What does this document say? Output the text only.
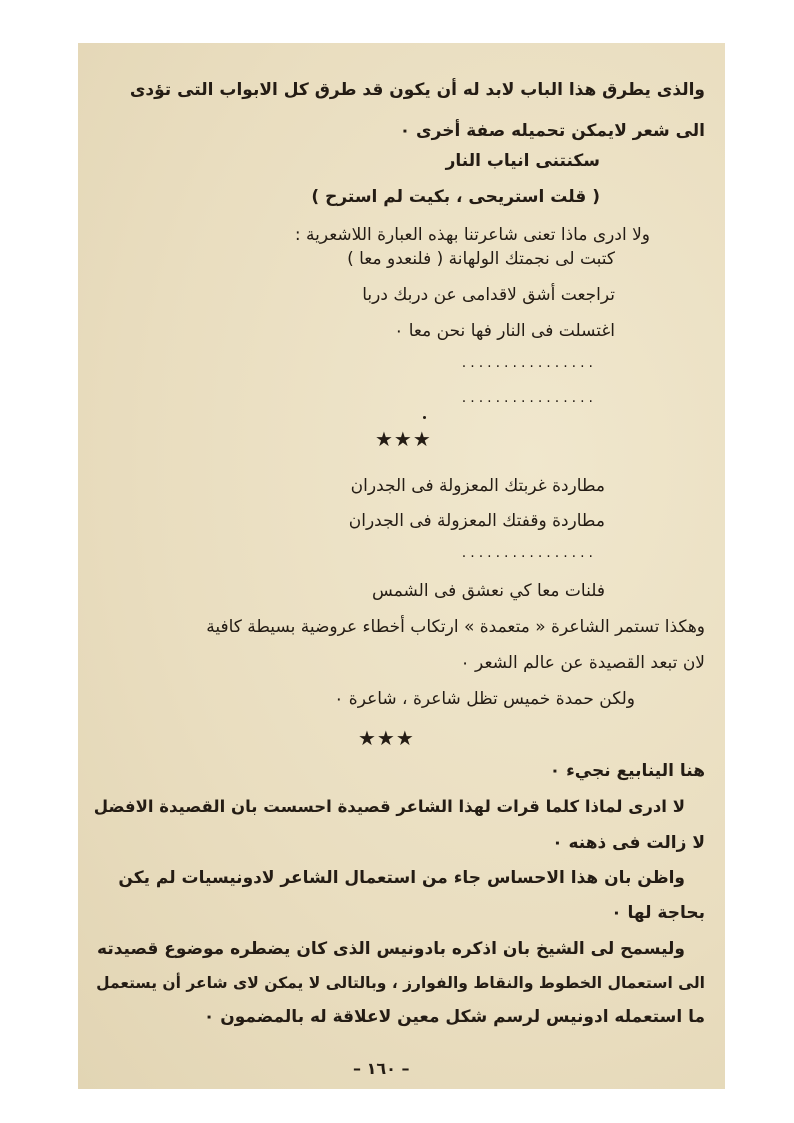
والذى يطرق هذا الباب لابد له أن يكون قد طرق كل الابواب التى تؤدى
الى شعر لايمكن تحميله صفة أخرى ٠
سكنتنى انياب النار
( قلت استريحى ، بكيت لم استرح )
ولا ادرى ماذا تعنى شاعرتنا بهذه العبارة اللاشعرية :
كتبت لى نجمتك الولهانة ( فلنعدو معا )
تراجعت أشق لاقدامى عن دربك دربا
اغتسلت فى النار فها نحن معا ٠
................
................
★★★
مطاردة غربتك المعزولة فى الجدران
مطاردة وقفتك المعزولة فى الجدران
................
فلنات معا كي نعشق فى الشمس
وهكذا تستمر الشاعرة « متعمدة » ارتكاب أخطاء عروضية بسيطة كافية
لان تبعد القصيدة عن عالم الشعر ٠
ولكن حمدة خميس تظل شاعرة ، شاعرة ٠
★★★
هنا الينابيع نجيء ٠
لا ادرى لماذا كلما قرات لهذا الشاعر قصيدة احسست بان القصيدة الافضل
لا زالت فى ذهنه ٠
واظن بان هذا الاحساس جاء من استعمال الشاعر لادونيسيات لم يكن
بحاجة لها ٠
وليسمح لى الشيخ بان اذكره بادونيس الذى كان يضطره موضوع قصيدته
الى استعمال الخطوط والنقاط والفوارز ، وبالتالى لا يمكن لاى شاعر أن يستعمل
ما استعمله ادونيس لرسم شكل معين لاعلاقة له بالمضمون ٠
– ١٦٠ –
